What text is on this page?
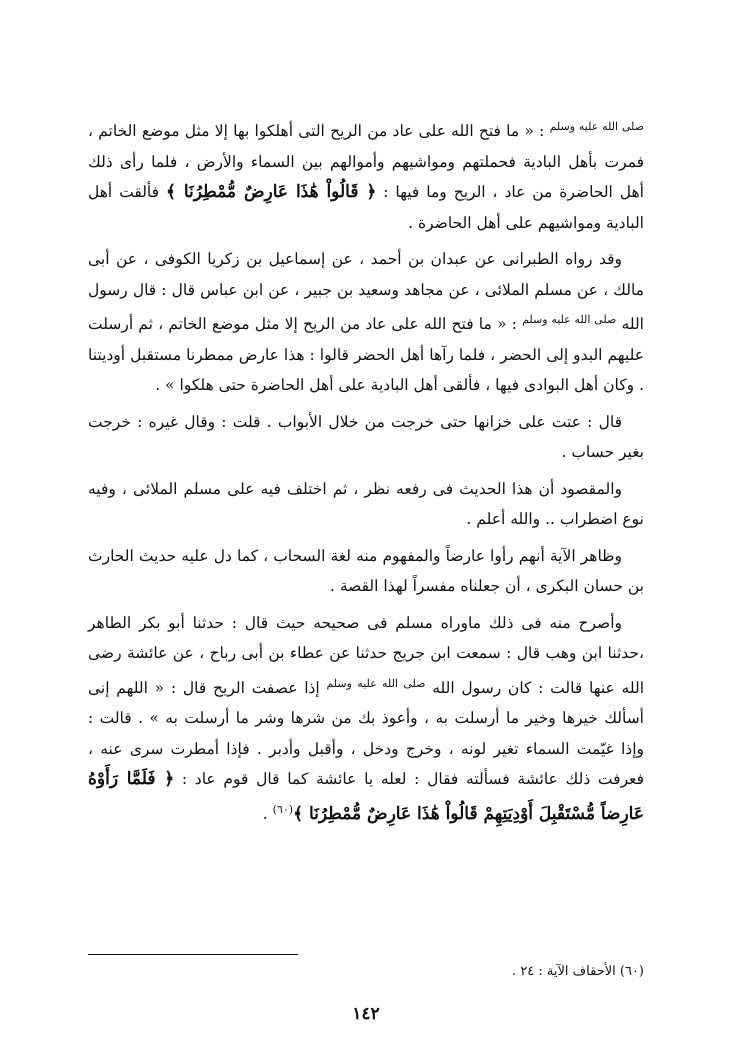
$^{صلى الله عليه وسلم}$ : « ما فتح الله على عاد من الريح التى أهلكوا بها إلا مثل موضع الخاتم ، فمرت بأهل البادية فحملتهم ومواشيهم وأموالهم بين السماء والأرض ، فلما رأى ذلك أهل الحاضرة من عاد ، الريح وما فيها : ﴿ قَالُواْ هَٰذَا عَارِضٌ مُّمْطِرُنَا ﴾ فألقت أهل البادية ومواشيهم على أهل الحاضرة .

وقد رواه الطبرانى عن عبدان بن أحمد ، عن إسماعيل بن زكريا الكوفى ، عن أبى مالك ، عن مسلم الملائى ، عن مجاهد وسعيد بن جبير ، عن ابن عباس قال : قال رسول الله $^{صلى الله عليه وسلم}$ : « ما فتح الله على عاد من الريح إلا مثل موضع الخاتم ، ثم أرسلت عليهم البدو إلى الحضر ، فلما رآها أهل الحضر قالوا : هذا عارض ممطرنا مستقبل أوديتنا . وكان أهل البوادى فيها ، فألقى أهل البادية على أهل الحاضرة حتى هلكوا » .

قال : عتت على خزانها حتى خرجت من خلال الأبواب . قلت : وقال غيره : خرجت بغير حساب .

والمقصود أن هذا الحديث فى رفعه نظر ، ثم اختلف فيه على مسلم الملائى ، وفيه نوع اضطراب .. والله أعلم .

وظاهر الآية أنهم رأوا عارضاً والمفهوم منه لغة السحاب ، كما دل عليه حديث الحارث بن حسان البكرى ، أن جعلناه مفسراً لهذا القصة .

وأصرح منه فى ذلك ماوراه مسلم فى صحيحه حيث قال : حدثنا أبو بكر الطاهر ،حدثنا ابن وهب قال : سمعت ابن جريج حدثنا عن عطاء بن أبى رباح ، عن عائشة رضى الله عنها قالت : كان رسول الله $^{صلى الله عليه وسلم}$ إذا عصفت الريح قال : « اللهم إنى أسألك خيرها وخير ما أرسلت به ، وأعوذ بك من شرها وشر ما أرسلت به » . قالت : وإذا غيّمت السماء تغير لونه ، وخرج ودخل ، وأقبل وأدبر . فإذا أمطرت سرى عنه ، فعرفت ذلك عائشة فسألته فقال : لعله يا عائشة كما قال قوم عاد : ﴿ فَلَمَّا رَأَوْهُ عَارِضاً مُّسْتَقْبِلَ أَوْدِيَتِهِمْ قَالُواْ هَٰذَا عَارِضٌ مُّمْطِرُنَا ﴾$^{(٦٠)}$ .

(٦٠) الأحقاف الآية : ٢٤ .
١٤٢
